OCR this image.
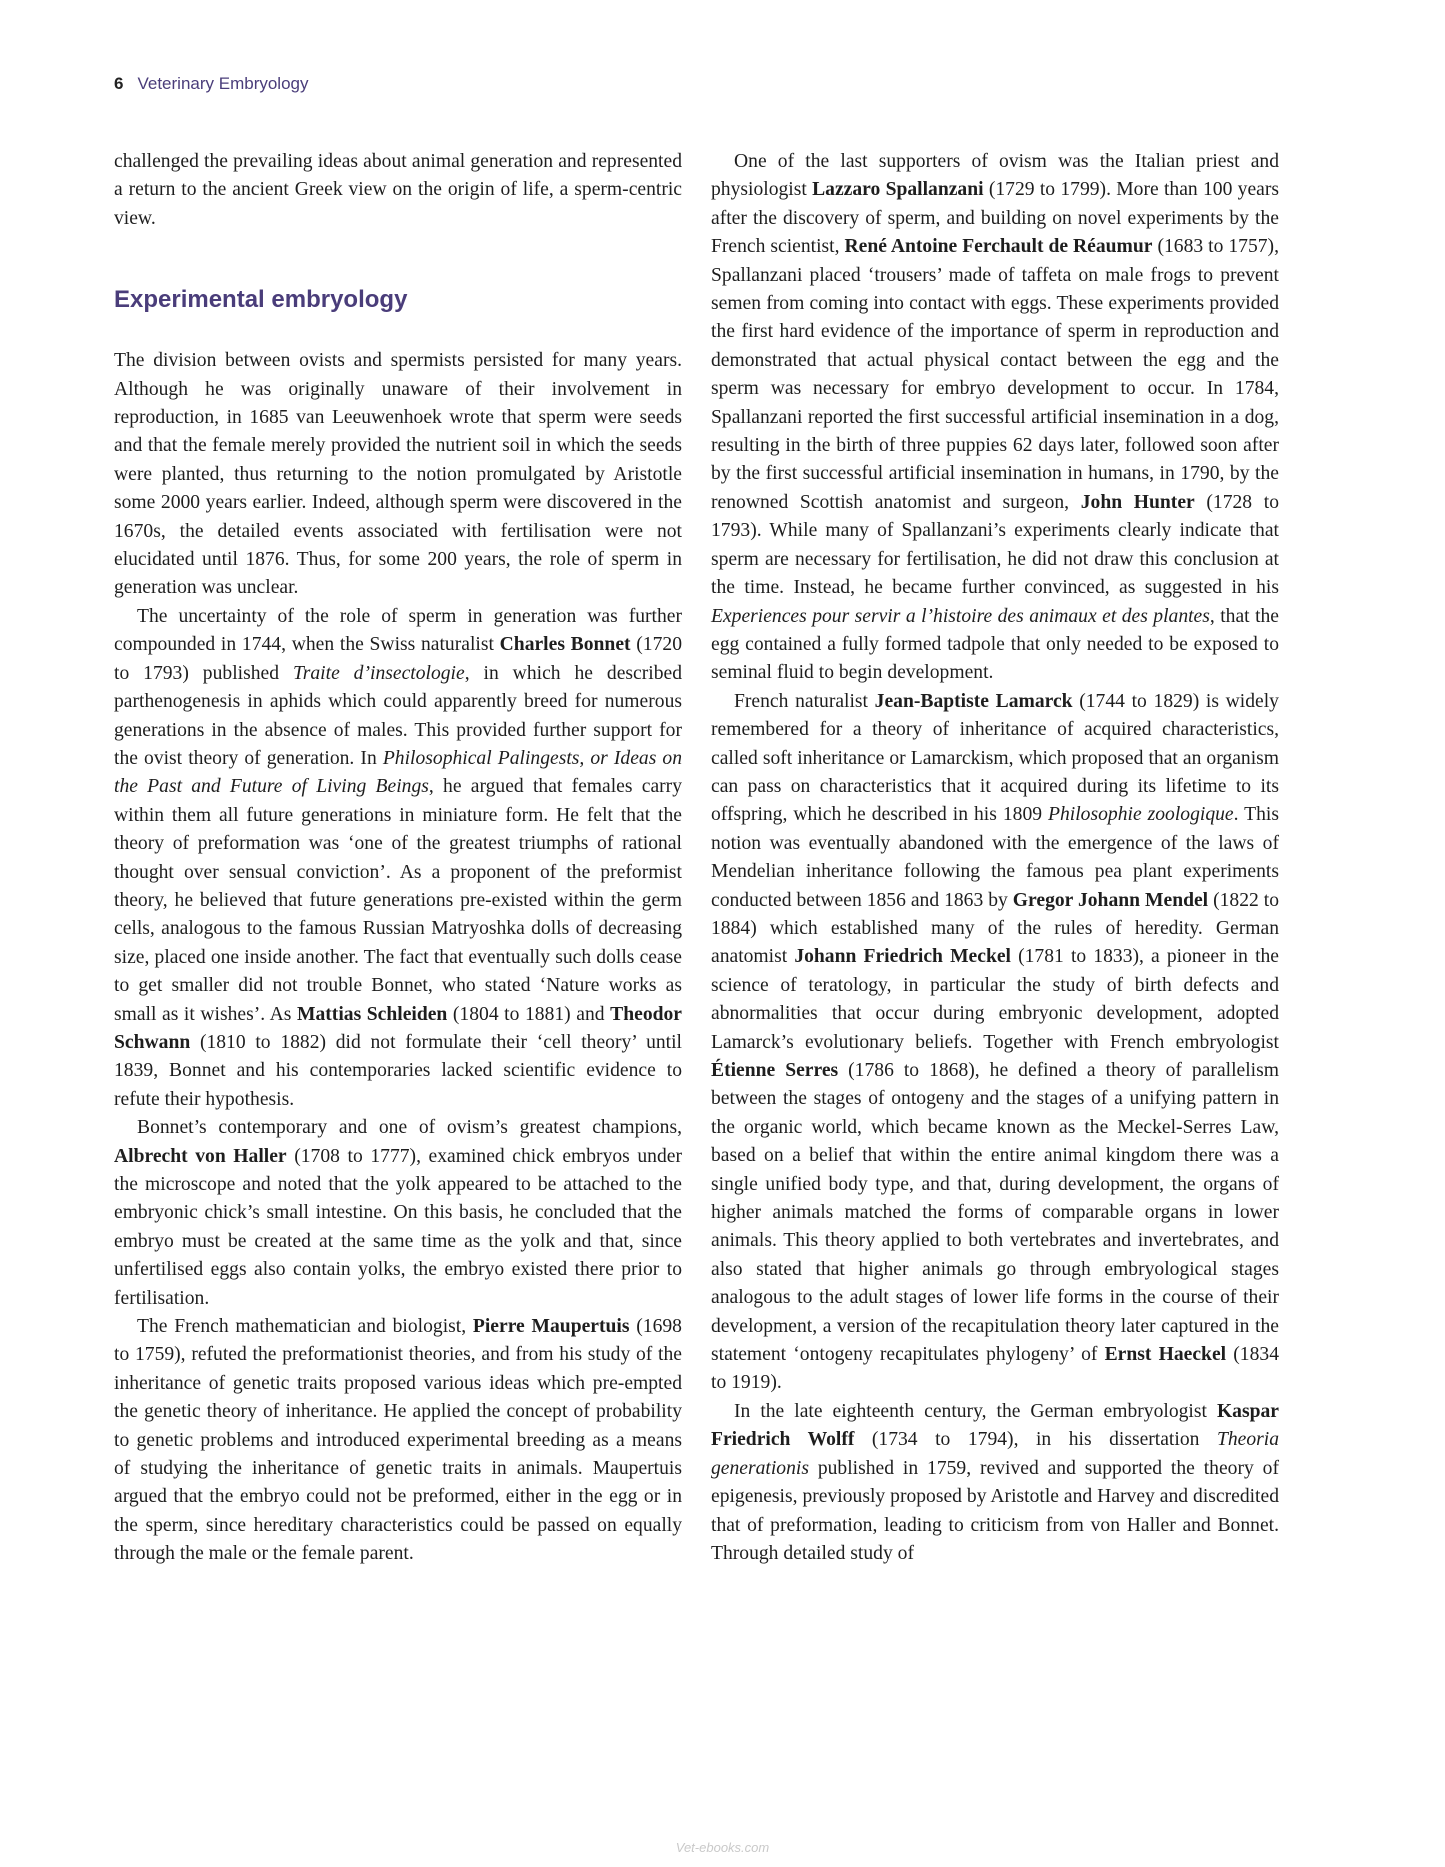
6 Veterinary Embryology

challenged the prevailing ideas about animal generation and represented a return to the ancient Greek view on the origin of life, a sperm-centric view.

Experimental embryology

The division between ovists and spermists persisted for many years. Although he was originally unaware of their involvement in reproduction, in 1685 van Leeuwenhoek wrote that sperm were seeds and that the female merely provided the nutrient soil in which the seeds were planted, thus returning to the notion promulgated by Aristotle some 2000 years earlier. Indeed, although sperm were discovered in the 1670s, the detailed events associated with fertilisation were not elucidated until 1876. Thus, for some 200 years, the role of sperm in generation was unclear.

The uncertainty of the role of sperm in generation was further compounded in 1744, when the Swiss naturalist Charles Bonnet (1720 to 1793) published Traite d’insectologie, in which he described parthenogenesis in aphids which could apparently breed for numerous generations in the absence of males. This provided further support for the ovist theory of generation. In Philosophical Palingests, or Ideas on the Past and Future of Living Beings, he argued that females carry within them all future generations in miniature form. He felt that the theory of preformation was ‘one of the greatest triumphs of rational thought over sensual conviction’. As a proponent of the preformist theory, he believed that future generations pre-existed within the germ cells, analogous to the famous Russian Matryoshka dolls of decreasing size, placed one inside another. The fact that eventually such dolls cease to get smaller did not trouble Bonnet, who stated ‘Nature works as small as it wishes’. As Mattias Schleiden (1804 to 1881) and Theodor Schwann (1810 to 1882) did not formulate their ‘cell theory’ until 1839, Bonnet and his contemporaries lacked scientific evidence to refute their hypothesis.

Bonnet’s contemporary and one of ovism’s greatest champions, Albrecht von Haller (1708 to 1777), examined chick embryos under the microscope and noted that the yolk appeared to be attached to the embryonic chick’s small intestine. On this basis, he concluded that the embryo must be created at the same time as the yolk and that, since unfertilised eggs also contain yolks, the embryo existed there prior to fertilisation.

The French mathematician and biologist, Pierre Maupertuis (1698 to 1759), refuted the preformationist theories, and from his study of the inheritance of genetic traits proposed various ideas which pre-empted the genetic theory of inheritance. He applied the concept of probability to genetic problems and introduced experimental breeding as a means of studying the inheritance of genetic traits in animals. Maupertuis argued that the embryo could not be preformed, either in the egg or in the sperm, since hereditary characteristics could be passed on equally through the male or the female parent.

One of the last supporters of ovism was the Italian priest and physiologist Lazzaro Spallanzani (1729 to 1799). More than 100 years after the discovery of sperm, and building on novel experiments by the French scientist, René Antoine Ferchault de Réaumur (1683 to 1757), Spallanzani placed ‘trousers’ made of taffeta on male frogs to prevent semen from coming into contact with eggs. These experiments provided the first hard evidence of the importance of sperm in reproduction and demonstrated that actual physical contact between the egg and the sperm was necessary for embryo development to occur. In 1784, Spallanzani reported the first successful artificial insemination in a dog, resulting in the birth of three puppies 62 days later, followed soon after by the first successful artificial insemination in humans, in 1790, by the renowned Scottish anatomist and surgeon, John Hunter (1728 to 1793). While many of Spallanzani’s experiments clearly indicate that sperm are necessary for fertilisation, he did not draw this conclusion at the time. Instead, he became further convinced, as suggested in his Experiences pour servir a l’histoire des animaux et des plantes, that the egg contained a fully formed tadpole that only needed to be exposed to seminal fluid to begin development.

French naturalist Jean-Baptiste Lamarck (1744 to 1829) is widely remembered for a theory of inheritance of acquired characteristics, called soft inheritance or Lamarckism, which proposed that an organism can pass on characteristics that it acquired during its lifetime to its offspring, which he described in his 1809 Philosophie zoologique. This notion was eventually abandoned with the emergence of the laws of Mendelian inheritance following the famous pea plant experiments conducted between 1856 and 1863 by Gregor Johann Mendel (1822 to 1884) which established many of the rules of heredity. German anatomist Johann Friedrich Meckel (1781 to 1833), a pioneer in the science of teratology, in particular the study of birth defects and abnormalities that occur during embryonic development, adopted Lamarck’s evolutionary beliefs. Together with French embryologist Étienne Serres (1786 to 1868), he defined a theory of parallelism between the stages of ontogeny and the stages of a unifying pattern in the organic world, which became known as the Meckel-Serres Law, based on a belief that within the entire animal kingdom there was a single unified body type, and that, during development, the organs of higher animals matched the forms of comparable organs in lower animals. This theory applied to both vertebrates and invertebrates, and also stated that higher animals go through embryological stages analogous to the adult stages of lower life forms in the course of their development, a version of the recapitulation theory later captured in the statement ‘ontogeny recapitulates phylogeny’ of Ernst Haeckel (1834 to 1919).

In the late eighteenth century, the German embryologist Kaspar Friedrich Wolff (1734 to 1794), in his dissertation Theoria generationis published in 1759, revived and supported the theory of epigenesis, previously proposed by Aristotle and Harvey and discredited that of preformation, leading to criticism from von Haller and Bonnet. Through detailed study of

Vet-ebooks.com
